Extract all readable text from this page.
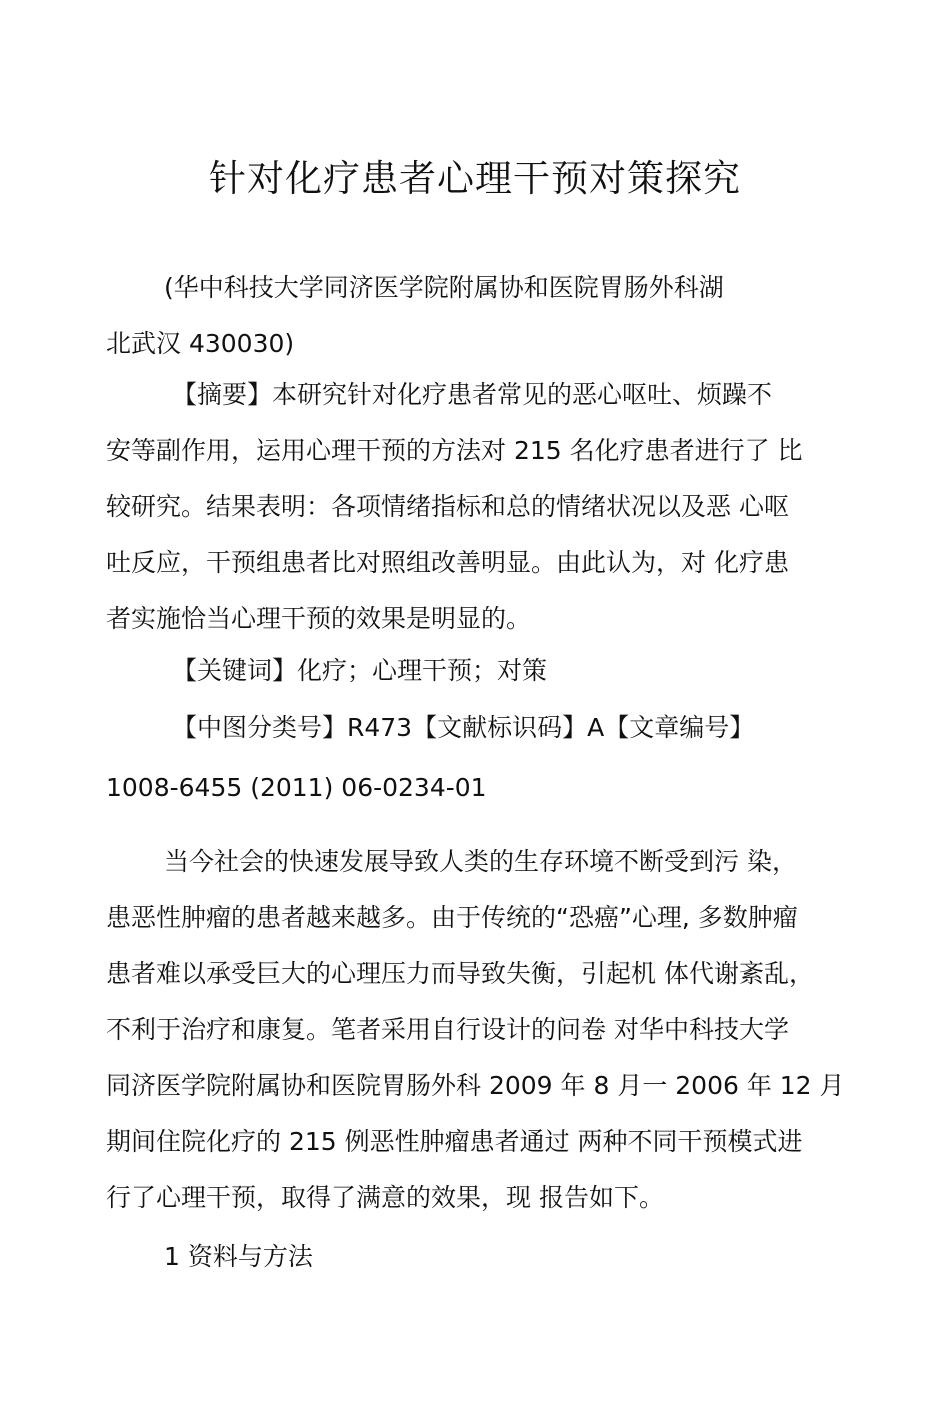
针对化疗患者心理干预对策探究
(华中科技大学同济医学院附属协和医院胃肠外科湖
北武汉 430030)
【摘要】本研究针对化疗患者常见的恶心呕吐、烦躁不
安等副作用，运用心理干预的方法对 215 名化疗患者进行了 比
较研究。结果表明：各项情绪指标和总的情绪状况以及恶 心呕
吐反应，干预组患者比对照组改善明显。由此认为，对 化疗患
者实施恰当心理干预的效果是明显的。
【关键词】化疗；心理干预；对策
【中图分类号】R473【文献标识码】A【文章编号】
1008-6455 (2011) 06-0234-01
当今社会的快速发展导致人类的生存环境不断受到污 染，
患恶性肿瘤的患者越来越多。由于传统的“恐癌”心理, 多数肿瘤
患者难以承受巨大的心理压力而导致失衡，引起机 体代谢紊乱，
不利于治疗和康复。笔者采用自行设计的问卷 对华中科技大学
同济医学院附属协和医院胃肠外科 2009 年 8 月一 2006 年 12 月
期间住院化疗的 215 例恶性肿瘤患者通过 两种不同干预模式进
行了心理干预，取得了满意的效果，现 报告如下。
1 资料与方法
